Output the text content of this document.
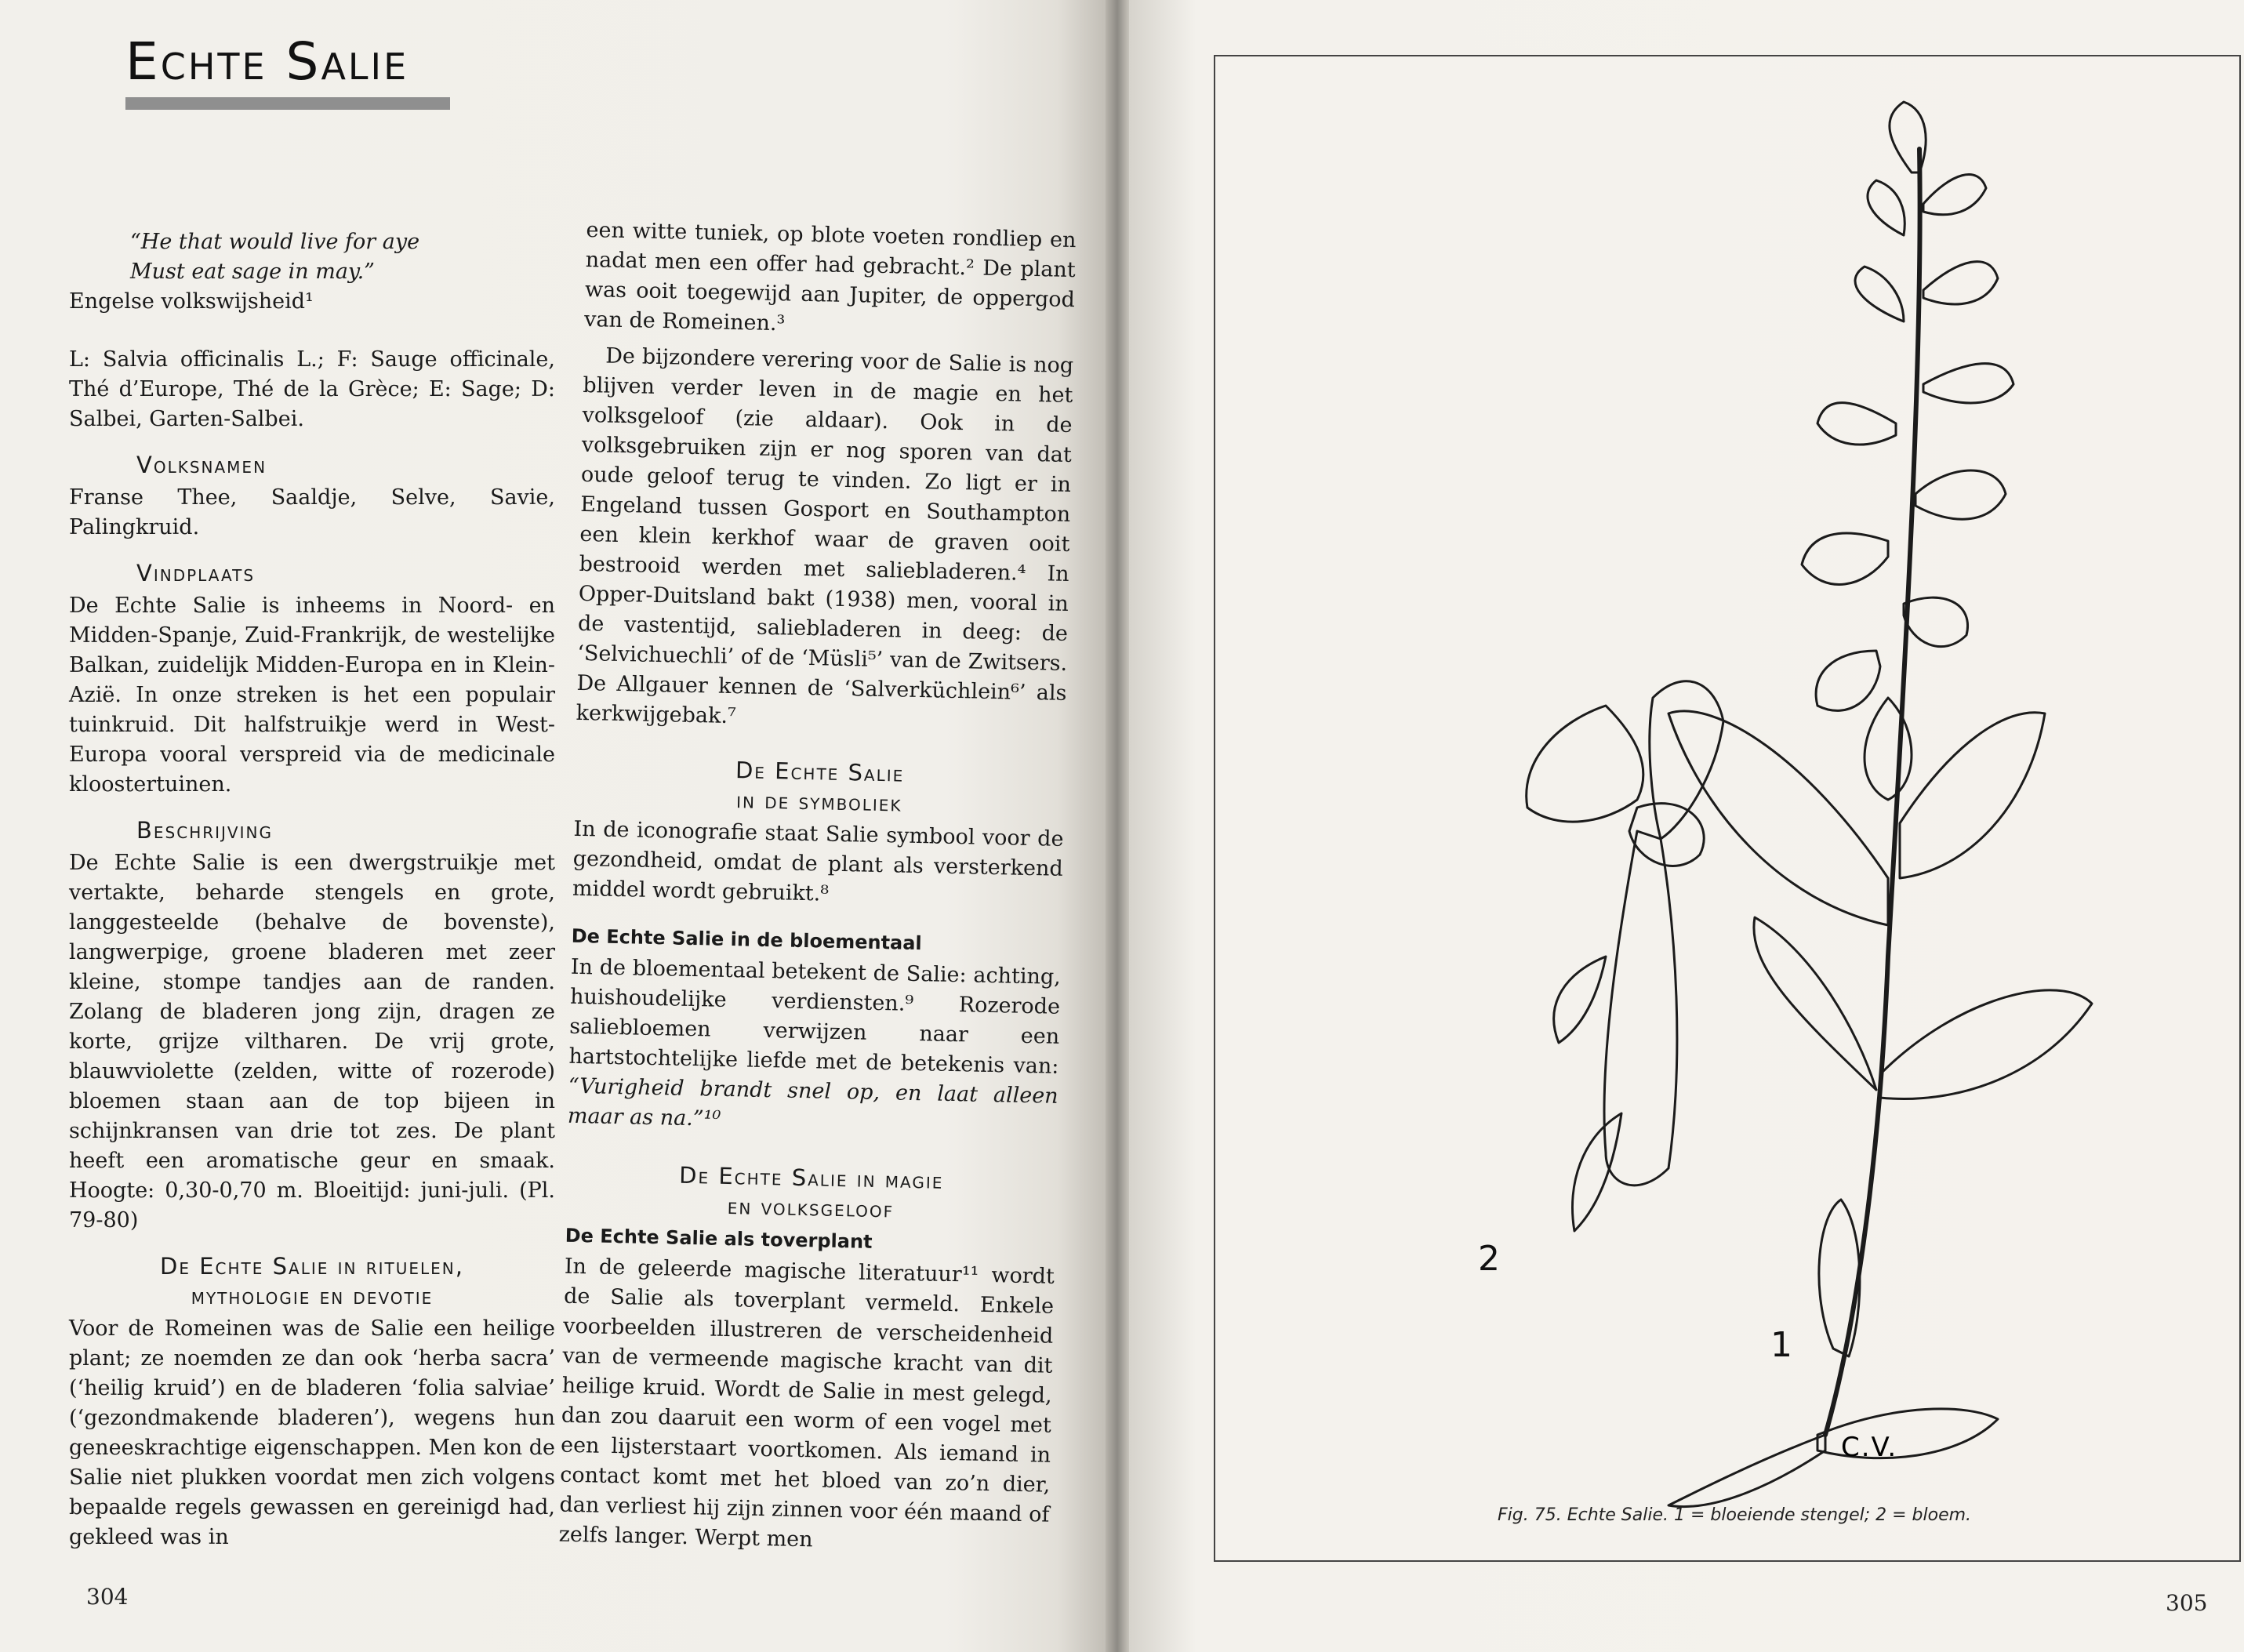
Echte Salie
“He that would live for aye
Must eat sage in may.”
Engelse volkswijsheid¹

L: Salvia officinalis L.; F: Sauge officinale, Thé d’Europe, Thé de la Grèce; E: Sage; D: Salbei, Garten-Salbei.

Volksnamen

Franse Thee, Saaldje, Selve, Savie, Palingkruid.

Vindplaats

De Echte Salie is inheems in Noord- en Midden-Spanje, Zuid-Frankrijk, de westelijke Balkan, zuidelijk Midden-Europa en in Klein-Azië. In onze streken is het een populair tuinkruid. Dit halfstruikje werd in West-Europa vooral verspreid via de medicinale kloostertuinen.

Beschrijving

De Echte Salie is een dwergstruikje met vertakte, beharde stengels en grote, langgesteelde (behalve de bovenste), langwerpige, groene bladeren met zeer kleine, stompe tandjes aan de randen. Zolang de bladeren jong zijn, dragen ze korte, grijze viltharen. De vrij grote, blauwviolette (zelden, witte of rozerode) bloemen staan aan de top bijeen in schijnkransen van drie tot zes. De plant heeft een aromatische geur en smaak. Hoogte: 0,30-0,70 m. Bloeitijd: juni-juli. (Pl. 79-80)

De Echte Salie in rituelen,
mythologie en devotie

Voor de Romeinen was de Salie een heilige plant; ze noemden ze dan ook ‘herba sacra’ (‘heilig kruid’) en de bladeren ‘folia salviae’ (‘gezondmakende bladeren’), wegens hun geneeskrachtige eigenschappen. Men kon de Salie niet plukken voordat men zich volgens bepaalde regels gewassen en gereinigd had, gekleed was in

een witte tuniek, op blote voeten rondliep en nadat men een offer had gebracht.² De plant was ooit toegewijd aan Jupiter, de oppergod van de Romeinen.³

De bijzondere verering voor de Salie is nog blijven verder leven in de magie en het volksgeloof (zie aldaar). Ook in de volksgebruiken zijn er nog sporen van dat oude geloof terug te vinden. Zo ligt er in Engeland tussen Gosport en Southampton een klein kerkhof waar de graven ooit bestrooid werden met saliebladeren.⁴ In Opper-Duitsland bakt (1938) men, vooral in de vastentijd, saliebladeren in deeg: de ‘Selvichuechli’ of de ‘Müsli⁵’ van de Zwitsers. De Allgauer kennen de ‘Salverküchlein⁶’ als kerkwijgebak.⁷

De Echte Salie
in de symboliek

In de iconografie staat Salie symbool voor de gezondheid, omdat de plant als versterkend middel wordt gebruikt.⁸

De Echte Salie in de bloementaal

In de bloementaal betekent de Salie: achting, huishoudelijke verdiensten.⁹ Rozerode saliebloemen verwijzen naar een hartstochtelijke liefde met de betekenis van: “Vurigheid brandt snel op, en laat alleen maar as na.”¹⁰

De Echte Salie in magie
en volksgeloof
De Echte Salie als toverplant

In de geleerde magische literatuur¹¹ wordt de Salie als toverplant vermeld. Enkele voorbeelden illustreren de verscheidenheid van de vermeende magische kracht van dit heilige kruid. Wordt de Salie in mest gelegd, dan zou daaruit een worm of een vogel met een lijsterstaart voortkomen. Als iemand in contact komt met het bloed van zo’n dier, dan verliest hij zijn zinnen voor één maand of zelfs langer. Werpt men

304	305
2
1
C.V.
Fig. 75. Echte Salie. 1 = bloeiende stengel; 2 = bloem.
